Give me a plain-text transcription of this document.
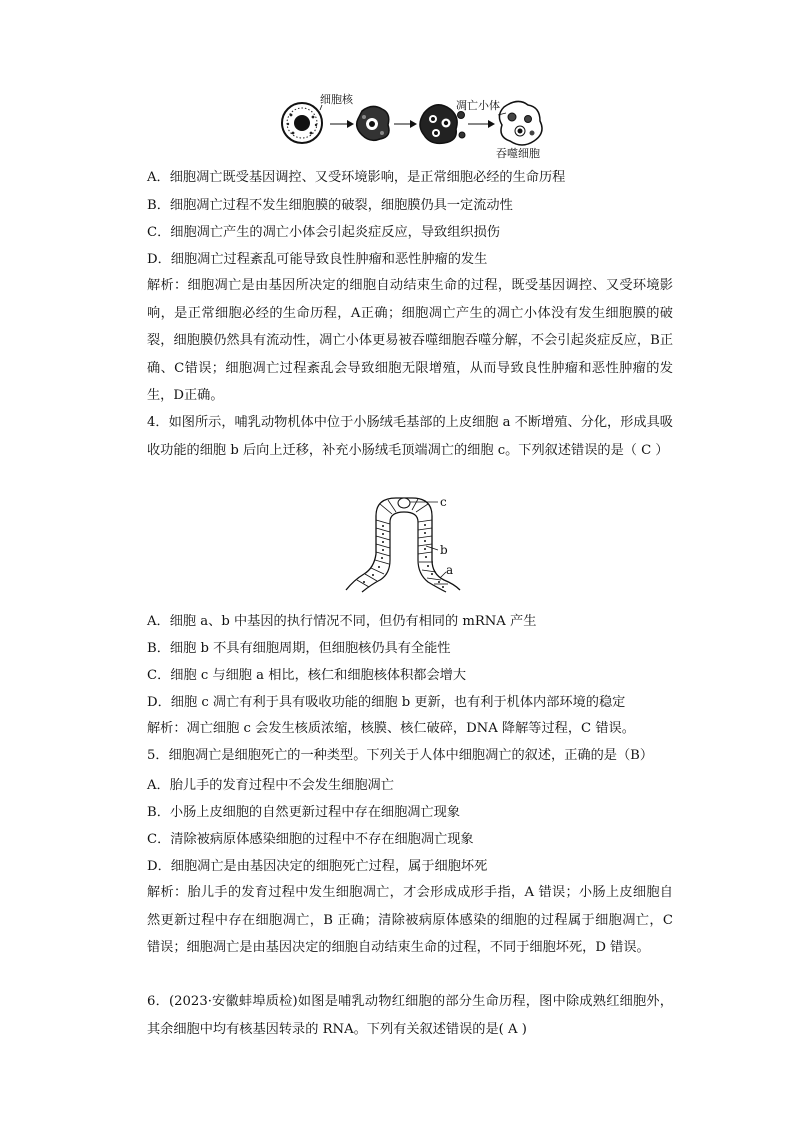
细胞核	凋亡小体
吞噬细胞
A．细胞凋亡既受基因调控、又受环境影响，是正常细胞必经的生命历程
B．细胞凋亡过程不发生细胞膜的破裂，细胞膜仍具一定流动性
C．细胞凋亡产生的凋亡小体会引起炎症反应，导致组织损伤
D．细胞凋亡过程紊乱可能导致良性肿瘤和恶性肿瘤的发生
解析：细胞凋亡是由基因所决定的细胞自动结束生命的过程，既受基因调控、又受环境影响，是正常细胞必经的生命历程，A正确；细胞凋亡产生的凋亡小体没有发生细胞膜的破裂，细胞膜仍然具有流动性，凋亡小体更易被吞噬细胞吞噬分解，不会引起炎症反应，B正确、C错误；细胞凋亡过程紊乱会导致细胞无限增殖，从而导致良性肿瘤和恶性肿瘤的发生，D正确。
4．如图所示，哺乳动物机体中位于小肠绒毛基部的上皮细胞 a 不断增殖、分化，形成具吸收功能的细胞 b 后向上迁移，补充小肠绒毛顶端凋亡的细胞 c。下列叙述错误的是（ C ）
c
b
a
A．细胞 a、b 中基因的执行情况不同，但仍有相同的 mRNA 产生
B．细胞 b 不具有细胞周期，但细胞核仍具有全能性
C．细胞 c 与细胞 a 相比，核仁和细胞核体积都会增大
D．细胞 c 凋亡有利于具有吸收功能的细胞 b 更新，也有利于机体内部环境的稳定
解析：凋亡细胞 c 会发生核质浓缩，核膜、核仁破碎，DNA 降解等过程，C 错误。
5．细胞凋亡是细胞死亡的一种类型。下列关于人体中细胞凋亡的叙述，正确的是（B）
A．胎儿手的发育过程中不会发生细胞凋亡
B．小肠上皮细胞的自然更新过程中存在细胞凋亡现象
C．清除被病原体感染细胞的过程中不存在细胞凋亡现象
D．细胞凋亡是由基因决定的细胞死亡过程，属于细胞坏死
解析：胎儿手的发育过程中发生细胞凋亡，才会形成成形手指，A 错误；小肠上皮细胞自然更新过程中存在细胞凋亡，B 正确；清除被病原体感染的细胞的过程属于细胞凋亡，C 错误；细胞凋亡是由基因决定的细胞自动结束生命的过程，不同于细胞坏死，D 错误。
6．(2023·安徽蚌埠质检)如图是哺乳动物红细胞的部分生命历程，图中除成熟红细胞外，其余细胞中均有核基因转录的 RNA。下列有关叙述错误的是( A )
